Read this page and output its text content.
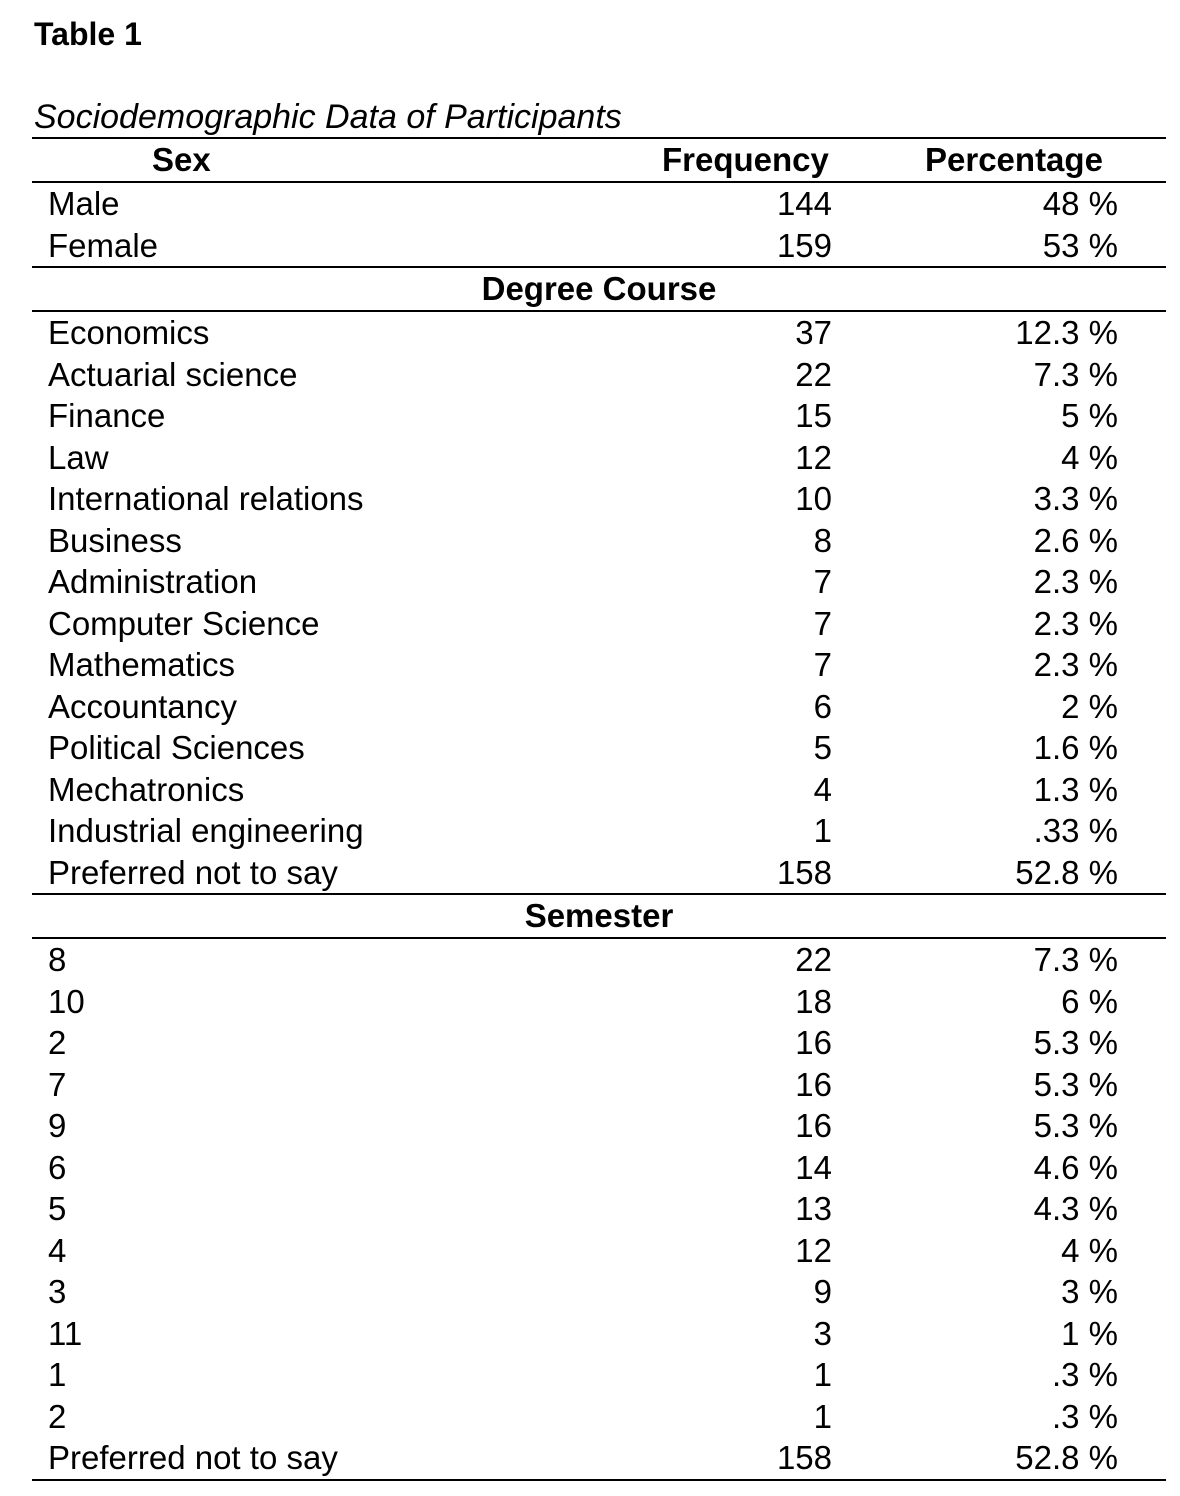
Table 1
Sociodemographic Data of Participants
Sex	Frequency	Percentage
Male	144	48 %
Female	159	53 %
Degree Course
Economics	37	12.3 %
Actuarial science	22	7.3 %
Finance	15	5 %
Law	12	4 %
International relations	10	3.3 %
Business	8	2.6 %
Administration	7	2.3 %
Computer Science	7	2.3 %
Mathematics	7	2.3 %
Accountancy	6	2 %
Political Sciences	5	1.6 %
Mechatronics	4	1.3 %
Industrial engineering	1	.33 %
Preferred not to say	158	52.8 %
Semester
8	22	7.3 %
10	18	6 %
2	16	5.3 %
7	16	5.3 %
9	16	5.3 %
6	14	4.6 %
5	13	4.3 %
4	12	4 %
3	9	3 %
11	3	1 %
1	1	.3 %
2	1	.3 %
Preferred not to say	158	52.8 %
